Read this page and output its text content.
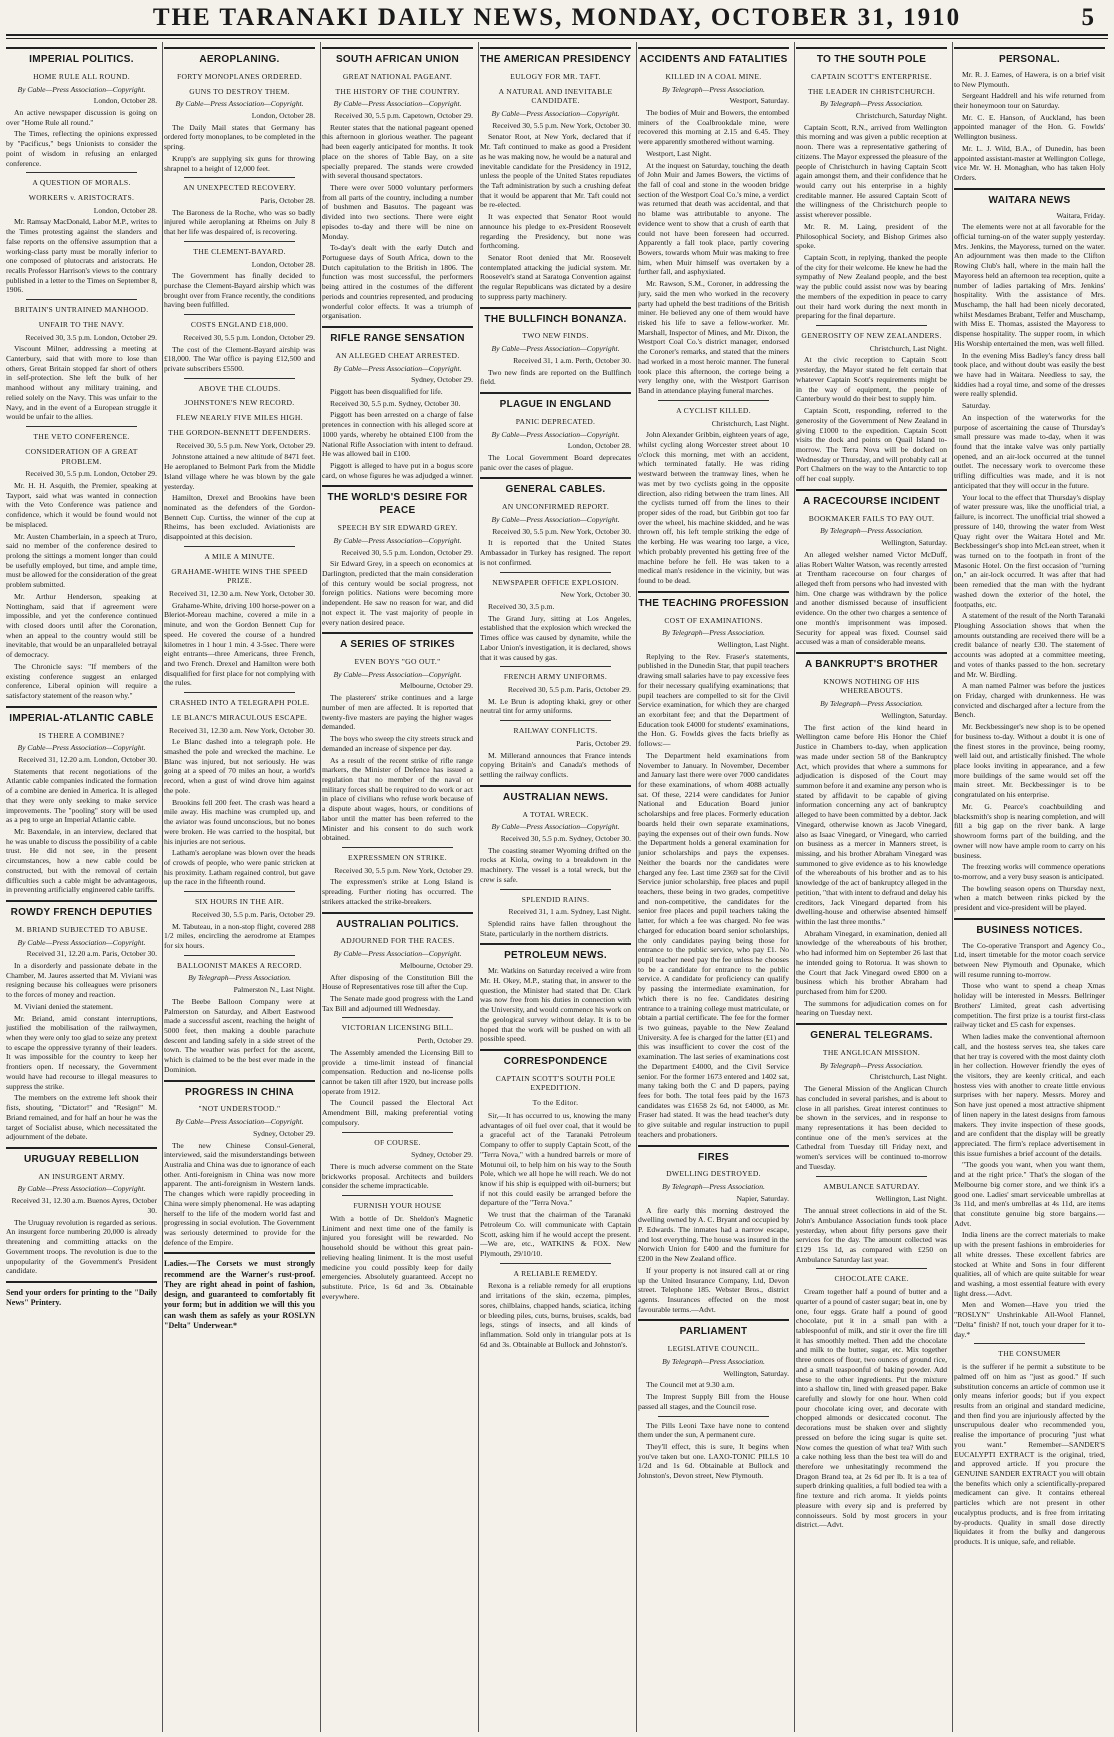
THE TARANAKI DAILY NEWS, MONDAY, OCTOBER 31, 1910	5
IMPERIAL POLITICS.
HOME RULE ALL ROUND.
By Cable—Press Association—Copyright.
London, October 28.

An active newspaper discussion is going on over "Home Rule all round."

The Times, reflecting the opinions expressed by "Pacificus," begs Unionists to consider the point of wisdom in refusing an enlarged conference.

A QUESTION OF MORALS.
WORKERS v. ARISTOCRATS.
London, October 28.

Mr. Ramsay MacDonald, Labor M.P., writes to the Times protesting against the slanders and false reports on the offensive assumption that a working-class party must be morally inferior to one composed of plutocrats and aristocrats. He recalls Professor Harrison's views to the contrary published in a letter to the Times on September 8, 1906.

BRITAIN'S UNTRAINED MANHOOD.
UNFAIR TO THE NAVY.
Received 30, 3.5 p.m. London, October 29.

Viscount Milner, addressing a meeting at Canterbury, said that with more to lose than others, Great Britain stopped far short of others in self-protection. She left the bulk of her manhood without any military training, and relied solely on the Navy. This was unfair to the Navy, and in the event of a European struggle it would be unfair to the allies.

THE VETO CONFERENCE.
CONSIDERATION OF A GREAT PROBLEM.
Received 30, 5.5 p.m. London, October 29.

Mr. H. H. Asquith, the Premier, speaking at Tayport, said what was wanted in connection with the Veto Conference was patience and confidence, which it would be found would not be misplaced.

Mr. Austen Chamberlain, in a speech at Truro, said no member of the conference desired to prolong the sittings a moment longer than could be usefully employed, but time, and ample time, must be allowed for the consideration of the great problem submitted.

Mr. Arthur Henderson, speaking at Nottingham, said that if agreement were impossible, and yet the conference continued with closed doors until after the Coronation, when an appeal to the country would still be inevitable, that would be an unparalleled betrayal of democracy.

The Chronicle says: "If members of the existing conference suggest an enlarged conference, Liberal opinion will require a satisfactory statement of the reason why."

IMPERIAL-ATLANTIC CABLE
IS THERE A COMBINE?
By Cable—Press Association—Copyright.
Received 31, 12.20 a.m. London, October 30.

Statements that recent negotiations of the Atlantic cable companies indicated the formation of a combine are denied in America. It is alleged that they were only seeking to make service improvements. The "pooling" story will be used as a peg to urge an Imperial Atlantic cable.

Mr. Baxendale, in an interview, declared that he was unable to discuss the possibility of a cable trust. He did not see, in the present circumstances, how a new cable could be constructed, but with the removal of certain difficulties such a cable might be advantageous, in preventing artificially engineered cable tariffs.

ROWDY FRENCH DEPUTIES
M. BRIAND SUBJECTED TO ABUSE.
By Cable—Press Association—Copyright.
Received 31, 12.20 a.m. Paris, October 30.

In a disorderly and passionate debate in the Chamber, M. Jaures asserted that M. Viviani was resigning because his colleagues were prisoners to the forces of money and reaction.

M. Viviani denied the statement.

Mr. Briand, amid constant interruptions, justified the mobilisation of the railwaymen, when they were only too glad to seize any pretext to escape the oppressive tyranny of their leaders. It was impossible for the country to keep her frontiers open. If necessary, the Government would have had recourse to illegal measures to suppress the strike.

The members on the extreme left shook their fists, shouting, "Dictator!" and "Resign!" M. Briand remained, and for half an hour he was the target of Socialist abuse, which necessitated the adjournment of the debate.

URUGUAY REBELLION
AN INSURGENT ARMY.
By Cable—Press Association—Copyright.
Received 31, 12.30 a.m. Buenos Ayres, October 30.

The Uruguay revolution is regarded as serious. An insurgent force numbering 20,000 is already threatening and committing attacks on the Government troops. The revolution is due to the unpopularity of the Government's President candidate.

Send your orders for printing to the "Daily News" Printery.
AEROPLANING.
FORTY MONOPLANES ORDERED.
GUNS TO DESTROY THEM.
By Cable—Press Association—Copyright.
London, October 28.

The Daily Mail states that Germany has ordered forty monoplanes, to be completed in the spring.

Krupp's are supplying six guns for throwing shrapnel to a height of 12,000 feet.

AN UNEXPECTED RECOVERY.
Paris, October 28.

The Baroness de la Roche, who was so badly injured while aeroplaning at Rheims on July 8 that her life was despaired of, is recovering.

THE CLEMENT-BAYARD.
London, October 28.

The Government has finally decided to purchase the Clement-Bayard airship which was brought over from France recently, the conditions having been fulfilled.

COSTS ENGLAND £18,000.
Received 30, 5.5 p.m. London, October 29.

The cost of the Clement-Bayard airship was £18,000. The War office is paying £12,500 and private subscribers £5500.

ABOVE THE CLOUDS.
JOHNSTONE'S NEW RECORD.
FLEW NEARLY FIVE MILES HIGH.
THE GORDON-BENNETT DEFENDERS.
Received 30, 5.5 p.m. New York, October 29.

Johnstone attained a new altitude of 8471 feet. He aeroplaned to Belmont Park from the Middle Island village where he was blown by the gale yesterday.

Hamilton, Drexel and Brookins have been nominated as the defenders of the Gordon-Bennett Cup. Curtiss, the winner of the cup at Rheims, has been excluded. Aviationists are disappointed at this decision.

A MILE A MINUTE.
GRAHAME-WHITE WINS THE SPEED PRIZE.
Received 31, 12.30 a.m. New York, October 30.

Grahame-White, driving 100 horse-power on a Bleriot-Moreau machine, covered a mile in a minute, and won the Gordon Bennett Cup for speed. He covered the course of a hundred kilometres in 1 hour 1 min. 4 3-5sec. There were eight entrants—three Americans, three French, and two French. Drexel and Hamilton were both disqualified for first place for not complying with the rules.

CRASHED INTO A TELEGRAPH POLE.
LE BLANC'S MIRACULOUS ESCAPE.
Received 31, 12.30 a.m. New York, October 30.

Le Blanc dashed into a telegraph pole. He smashed the pole and wrecked the machine. Le Blanc was injured, but not seriously. He was going at a speed of 70 miles an hour, a world's record, when a gust of wind drove him against the pole.

Brookins fell 200 feet. The crash was heard a mile away. His machine was crumpled up, and the aviator was found unconscious, but no bones were broken. He was carried to the hospital, but his injuries are not serious.

Latham's aeroplane was blown over the heads of crowds of people, who were panic stricken at his proximity. Latham regained control, but gave up the race in the fifteenth round.

SIX HOURS IN THE AIR.
Received 30, 5.5 p.m. Paris, October 29.

M. Tabuteau, in a non-stop flight, covered 288 1/2 miles, encircling the aerodrome at Etampes for six hours.

BALLOONIST MAKES A RECORD.
By Telegraph—Press Association.
Palmerston N., Last Night.

The Beebe Balloon Company were at Palmerston on Saturday, and Albert Eastwood made a successful ascent, reaching the height of 5000 feet, then making a double parachute descent and landing safely in a side street of the town. The weather was perfect for the ascent, which is claimed to be the best ever made in the Dominion.

PROGRESS IN CHINA
"NOT UNDERSTOOD."
By Cable—Press Association—Copyright.
Sydney, October 29.

The new Chinese Consul-General, interviewed, said the misunderstandings between Australia and China was due to ignorance of each other. Anti-foreignism in China was now more apparent. The anti-foreignism in Western lands. The changes which were rapidly proceeding in China were simply phenomenal. He was adapting herself to the life of the modern world fast and progressing in social evolution. The Government was seriously determined to provide for the defence of the Empire.

Ladies.—The Corsets we must strongly recommend are the Warner's rust-proof. They are right ahead in point of fashion, design, and guaranteed to comfortably fit your form; but in addition we will this you can wash them as safely as your ROSLYN "Delta" Underwear.*
SOUTH AFRICAN UNION
GREAT NATIONAL PAGEANT.
THE HISTORY OF THE COUNTRY.
By Cable—Press Association—Copyright.
Received 30, 5.5 p.m. Capetown, October 29.

Reuter states that the national pageant opened this afternoon in glorious weather. The pageant had been eagerly anticipated for months. It took place on the shores of Table Bay, on a site specially prepared. The stands were crowded with several thousand spectators.

There were over 5000 voluntary performers from all parts of the country, including a number of bushmen and Basutos. The pageant was divided into two sections. There were eight episodes to-day and there will be nine on Monday.

To-day's dealt with the early Dutch and Portuguese days of South Africa, down to the Dutch capitulation to the British in 1806. The function was most successful, the performers being attired in the costumes of the different periods and countries represented, and producing wonderful color effects. It was a triumph of organisation.

RIFLE RANGE SENSATION
AN ALLEGED CHEAT ARRESTED.
By Cable—Press Association—Copyright.
Sydney, October 29.

Piggott has been disqualified for life.

Received 30, 5.5 p.m. Sydney, October 30.

Piggott has been arrested on a charge of false pretences in connection with his alleged score at 1000 yards, whereby he obtained £100 from the National Rifle Association with intent to defraud. He was allowed bail in £100.

Piggott is alleged to have put in a bogus score card, on whose figures he was adjudged a winner.

THE WORLD'S DESIRE FOR PEACE
SPEECH BY SIR EDWARD GREY.
By Cable—Press Association—Copyright.
Received 30, 5.5 p.m. London, October 29.

Sir Edward Grey, in a speech on economics at Darlington, predicted that the main consideration of this century would be social progress, not foreign politics. Nations were becoming more independent. He saw no reason for war, and did not expect it. The vast majority of people in every nation desired peace.

A SERIES OF STRIKES
EVEN BOYS "GO OUT."
By Cable—Press Association—Copyright.
Melbourne, October 29.

The plasterers' strike continues and a large number of men are affected. It is reported that twenty-five masters are paying the higher wages demanded.

The boys who sweep the city streets struck and demanded an increase of sixpence per day.

As a result of the recent strike of rifle range markers, the Minister of Defence has issued a regulation that no member of the naval or military forces shall be required to do work or act in place of civilians who refuse work because of a dispute about wages, hours, or conditions of labor until the matter has been referred to the Minister and his consent to do such work obtained.

EXPRESSMEN ON STRIKE.
Received 30, 5.5 p.m. New York, October 29.

The expressmen's strike at Long Island is spreading. Further rioting has occurred. The strikers attacked the strike-breakers.

AUSTRALIAN POLITICS.
ADJOURNED FOR THE RACES.
By Cable—Press Association—Copyright.
Melbourne, October 29.

After disposing of the Constitution Bill the House of Representatives rose till after the Cup.

The Senate made good progress with the Land Tax Bill and adjourned till Wednesday.

VICTORIAN LICENSING BILL.
Perth, October 29.

The Assembly amended the Licensing Bill to provide a time-limit instead of financial compensation. Reduction and no-license polls cannot be taken till after 1920, but increase polls operate from 1912.

The Council passed the Electoral Act Amendment Bill, making preferential voting compulsory.

OF COURSE.
Sydney, October 29.

There is much adverse comment on the State brickworks proposal. Architects and builders consider the scheme impracticable.

FURNISH YOUR HOUSE

With a bottle of Dr. Sheldon's Magnetic Liniment and next time one of the family is injured you foresight will be rewarded. No household should be without this great pain-relieving healing liniment. It is the most useful medicine you could possibly keep for daily emergencies. Absolutely guaranteed. Accept no substitute. Price, 1s 6d and 3s. Obtainable everywhere.

THE AMERICAN PRESIDENCY
EULOGY FOR MR. TAFT.
A NATURAL AND INEVITABLE CANDIDATE.
By Cable—Press Association—Copyright.
Received 30, 5.5 p.m. New York, October 30.

Senator Root, at New York, declared that if Mr. Taft continued to make as good a President as he was making now, he would be a natural and inevitable candidate for the Presidency in 1912, unless the people of the United States repudiates the Taft administration by such a crushing defeat that it would be apparent that Mr. Taft could not be re-elected.

It was expected that Senator Root would announce his pledge to ex-President Roosevelt regarding the Presidency, but none was forthcoming.

Senator Root denied that Mr. Roosevelt contemplated attacking the judicial system. Mr. Roosevelt's stand at Saratoga Convention against the regular Republicans was dictated by a desire to suppress party machinery.

THE BULLFINCH BONANZA.
TWO NEW FINDS.
By Cable—Press Association—Copyright.
Received 31, 1 a.m. Perth, October 30.

Two new finds are reported on the Bullfinch field.

PLAGUE IN ENGLAND
PANIC DEPRECATED.
By Cable—Press Association—Copyright.
London, October 28.

The Local Government Board deprecates panic over the cases of plague.

GENERAL CABLES.
AN UNCONFIRMED REPORT.
By Cable—Press Association—Copyright.
Received 30, 5.5 p.m. New York, October 30.

It is reported that the United States Ambassador in Turkey has resigned. The report is not confirmed.

NEWSPAPER OFFICE EXPLOSION.
New York, October 30.

Received 30, 3.5 p.m.

The Grand Jury, sitting at Los Angeles, established that the explosion which wrecked the Times office was caused by dynamite, while the Labor Union's investigation, it is declared, shows that it was caused by gas.

FRENCH ARMY UNIFORMS.
Received 30, 5.5 p.m. Paris, October 29.

M. Le Brun is adopting khaki, grey or other neutral tint for army uniforms.

RAILWAY CONFLICTS.
Paris, October 29.

M. Millerand announces that France intends copying Britain's and Canada's methods of settling the railway conflicts.

AUSTRALIAN NEWS.
A TOTAL WRECK.
By Cable—Press Association—Copyright.
Received 30, 5.5 p.m. Sydney, October 30.

The coasting steamer Wyoming drifted on the rocks at Kiola, owing to a breakdown in the machinery. The vessel is a total wreck, but the crew is safe.

SPLENDID RAINS.
Received 31, 1 a.m. Sydney, Last Night.

Splendid rains have fallen throughout the State, particularly in the northern districts.

PETROLEUM NEWS.

Mr. Watkins on Saturday received a wire from Mr. H. Okey, M.P., stating that, in answer to the question, the Minister had stated that Dr. Clark was now free from his duties in connection with the University, and would commence his work on the geological survey without delay. It is to be hoped that the work will be pushed on with all possible speed.

CORRESPONDENCE
CAPTAIN SCOTT'S SOUTH POLE EXPEDITION.
To the Editor.

Sir,—It has occurred to us, knowing the many advantages of oil fuel over coal, that it would be a graceful act of the Taranaki Petroleum Company to offer to supply Captain Scott, of the "Terra Nova," with a hundred barrels or more of Motunui oil, to help him on his way to the South Pole, which we all hope he will reach. We do not know if his ship is equipped with oil-burners; but if not this could easily be arranged before the departure of the "Terra Nova."

We trust that the chairman of the Taranaki Petroleum Co. will communicate with Captain Scott, asking him if he would accept the present.—We are, etc., WATKINS & FOX. New Plymouth, 29/10/10.

A RELIABLE REMEDY.

Rexona is a reliable remedy for all eruptions and irritations of the skin, eczema, pimples, sores, chilblains, chapped hands, sciatica, itching or bleeding piles, cuts, burns, bruises, scalds, bad legs, stings of insects, and all kinds of inflammation. Sold only in triangular pots at 1s 6d and 3s. Obtainable at Bullock and Johnston's.

ACCIDENTS AND FATALITIES
KILLED IN A COAL MINE.
By Telegraph—Press Association.
Westport, Saturday.

The bodies of Muir and Bowers, the entombed miners of the Coalbrookdale mine, were recovered this morning at 2.15 and 6.45. They were apparently smothered without warning.

Westport, Last Night.

At the inquest on Saturday, touching the death of John Muir and James Bowers, the victims of the fall of coal and stone in the wooden bridge section of the Westport Coal Co.'s mine, a verdict was returned that death was accidental, and that no blame was attributable to anyone. The evidence went to show that a crush of earth that could not have been foreseen had occurred. Apparently a fall took place, partly covering Bowers, towards whom Muir was making to free him, when Muir himself was overtaken by a further fall, and asphyxiated.

Mr. Rawson, S.M., Coroner, in addressing the jury, said the men who worked in the recovery party had upheld the best traditions of the British miner. He believed any one of them would have risked his life to save a fellow-worker. Mr. Marshall, Inspector of Mines, and Mr. Dixon, the Westport Coal Co.'s district manager, endorsed the Coroner's remarks, and stated that the miners had worked in a most heroic manner. The funeral took place this afternoon, the cortege being a very lengthy one, with the Westport Garrison Band in attendance playing funeral marches.

A CYCLIST KILLED.
Christchurch, Last Night.

John Alexander Gribbin, eighteen years of age, whilst cycling along Worcester street about 10 o'clock this morning, met with an accident, which terminated fatally. He was riding westward between the tramway lines, when he was met by two cyclists going in the opposite direction, also riding between the tram lines. All the cyclists turned off from the lines to their proper sides of the road, but Gribbin got too far over the wheel, his machine skidded, and he was thrown off, his left temple striking the edge of the kerbing. He was wearing too large, a vice, which probably prevented his getting free of the machine before he fell. He was taken to a medical man's residence in the vicinity, but was found to be dead.

THE TEACHING PROFESSION
COST OF EXAMINATIONS.
By Telegraph—Press Association.
Wellington, Last Night.

Replying to the Rev. Fraser's statements, published in the Dunedin Star, that pupil teachers drawing small salaries have to pay excessive fees for their necessary qualifying examinations; that pupil teachers are compelled to sit for the Civil Service examination, for which they are charged an exorbitant fee; and that the Department of Education took £4000 for students' examinations, the Hon. G. Fowlds gives the facts briefly as follows:—

The Department held examinations from November to January. In November, December and January last there were over 7000 candidates for these examinations, of whom 4088 actually sat. Of these, 2214 were candidates for Junior National and Education Board junior scholarships and free places. Formerly education boards held their own separate examinations, paying the expenses out of their own funds. Now the Department holds a general examination for junior scholarships and pays the expenses. Neither the boards nor the candidates were charged any fee. Last time 2369 sat for the Civil Service junior scholarship, free places and pupil teachers, these being in two grades, competitive and non-competitive, the candidates for the senior free places and pupil teachers taking the latter, for which a fee was charged. No fee was charged for education board senior scholarships, the only candidates paying being those for entrance to the public service, who pay £1. No pupil teacher need pay the fee unless he chooses to be a candidate for entrance to the public service. A candidate for proficiency can qualify by passing the intermediate examination, for which there is no fee. Candidates desiring entrance to a training college must matriculate, or obtain a partial certificate. The fee for the former is two guineas, payable to the New Zealand University. A fee is charged for the latter (£1) and this was insufficient to cover the cost of the examination. The last series of examinations cost the Department £4000, and the Civil Service senior. For the former 1673 entered and 1402 sat, many taking both the C and D papers, paying fees for both. The total fees paid by the 1673 candidates was £1658 2s 6d, not £4000, as Mr. Fraser had stated. It was the head teacher's duty to give suitable and regular instruction to pupil teachers and probationers.

FIRES
DWELLING DESTROYED.
By Telegraph—Press Association.
Napier, Saturday.

A fire early this morning destroyed the dwelling owned by A. C. Bryant and occupied by P. Edwards. The inmates had a narrow escape, and lost everything. The house was insured in the Norwich Union for £400 and the furniture for £200 in the New Zealand office.

If your property is not insured call at or ring up the United Insurance Company, Ltd, Devon street. Telephone 185. Webster Bros., district agents. Insurances effected on the most favourable terms.—Advt.

PARLIAMENT
LEGISLATIVE COUNCIL.
By Telegraph—Press Association.
Wellington, Saturday.

The Council met at 9.30 a.m.

The Imprest Supply Bill from the House passed all stages, and the Council rose.

The Pills Leoni Taxe have none to contend them under the sun, A permanent cure.

They'll effect, this is sure, It begins when you've taken but one. LAXO-TONIC PILLS 10 1/2d and 1s 6d. Obtainable at Bullock and Johnston's, Devon street, New Plymouth.

TO THE SOUTH POLE
CAPTAIN SCOTT'S ENTERPRISE.
THE LEADER IN CHRISTCHURCH.
By Telegraph—Press Association.
Christchurch, Saturday Night.

Captain Scott, R.N., arrived from Wellington this morning and was given a public reception at noon. There was a representative gathering of citizens. The Mayor expressed the pleasure of the people of Christchurch in having Captain Scott again amongst them, and their confidence that he would carry out his enterprise in a highly creditable manner. He assured Captain Scott of the willingness of the Christchurch people to assist wherever possible.

Mr. R. M. Laing, president of the Philosophical Society, and Bishop Grimes also spoke.

Captain Scott, in replying, thanked the people of the city for their welcome. He knew he had the sympathy of New Zealand people, and the best way the public could assist now was by bearing the members of the expedition in peace to carry out their hard work during the next month in preparing for the final departure.

GENEROSITY OF NEW ZEALANDERS.
Christchurch, Last Night.

At the civic reception to Captain Scott yesterday, the Mayor stated he felt certain that whatever Captain Scott's requirements might be in the way of equipment, the people of Canterbury would do their best to supply him.

Captain Scott, responding, referred to the generosity of the Government of New Zealand in giving £1000 to the expedition. Captain Scott visits the dock and points on Quail Island to-morrow. The Terra Nova will be docked on Wednesday or Thursday, and will probably call at Port Chalmers on the way to the Antarctic to top off her coal supply.

A RACECOURSE INCIDENT
BOOKMAKER FAILS TO PAY OUT.
By Telegraph—Press Association.
Wellington, Saturday.

An alleged welsher named Victor McDuff, alias Robert Walter Watson, was recently arrested at Trentham racecourse on four charges of alleged theft from persons who had invested with him. One charge was withdrawn by the police and another dismissed because of insufficient evidence. On the other two charges a sentence of one month's imprisonment was imposed. Security for appeal was fixed. Counsel said accused was a man of considerable means.

A BANKRUPT'S BROTHER
KNOWS NOTHING OF HIS WHEREABOUTS.
By Telegraph—Press Association.
Wellington, Saturday.

The first action of the kind heard in Wellington came before His Honor the Chief Justice in Chambers to-day, when application was made under section 58 of the Bankruptcy Act, which provides that where a summons for adjudication is disposed of the Court may summon before it and examine any person who is stated by affidavit to be capable of giving information concerning any act of bankruptcy alleged to have been committed by a debtor. Jack Vinegard, otherwise known as Jacob Vinegard, also as Isaac Vinegard, or Vinegard, who carried on business as a mercer in Manners street, is missing, and his brother Abraham Vinegard was summoned to give evidence as to his knowledge of the whereabouts of his brother and as to his knowledge of the act of bankruptcy alleged in the petition, "that with intent to defraud and delay his creditors, Jack Vinegard departed from his dwelling-house and otherwise absented himself within the last three months."

Abraham Vinegard, in examination, denied all knowledge of the whereabouts of his brother, who had informed him on September 26 last that he intended going to Rotorua. It was shown to the Court that Jack Vinegard owed £800 on a business which his brother Abraham had purchased from him for £200.

The summons for adjudication comes on for hearing on Tuesday next.

GENERAL TELEGRAMS.
THE ANGLICAN MISSION.
By Telegraph—Press Association.
Christchurch, Last Night.

The General Mission of the Anglican Church has concluded in several parishes, and is about to close in all parishes. Great interest continues to be shown in the services, and in response to many representations it has been decided to continue one of the men's services at the Cathedral from Tuesday till Friday next, and women's services will be continued to-morrow and Tuesday.

AMBULANCE SATURDAY.
Wellington, Last Night.

The annual street collections in aid of the St. John's Ambulance Association funds took place yesterday, when about fifty persons gave their services for the day. The amount collected was £129 15s 1d, as compared with £250 on Ambulance Saturday last year.

CHOCOLATE CAKE.

Cream together half a pound of butter and a quarter of a pound of caster sugar; beat in, one by one, four eggs. Grate half a pound of good chocolate, put it in a small pan with a tablespoonful of milk, and stir it over the fire till it has smoothly melted. Then add the chocolate and milk to the butter, sugar, etc. Mix together three ounces of flour, two ounces of ground rice, and a small teaspoonful of baking powder. Add these to the other ingredients. Put the mixture into a shallow tin, lined with greased paper. Bake carefully and slowly for one hour. When cold pour chocolate icing over, and decorate with chopped almonds or desiccated coconut. The decorations must be shaken over and slightly pressed on before the icing sugar is quite set. Now comes the question of what tea? With such a cake nothing less than the best tea will do and therefore we unhesitatingly recommend the Dragon Brand tea, at 2s 6d per lb. It is a tea of superb drinking qualities, a full bodied tea with a fine texture and rich aroma. It yields points pleasure with every sip and is preferred by connoisseurs. Sold by most grocers in your district.—Advt.

PERSONAL.

Mr. R. J. Eames, of Hawera, is on a brief visit to New Plymouth.

Sergeant Haddrell and his wife returned from their honeymoon tour on Saturday.

Mr. C. E. Hanson, of Auckland, has been appointed manager of the Hon. G. Fowlds' Wellington business.

Mr. L. J. Wild, B.A., of Dunedin, has been appointed assistant-master at Wellington College, vice Mr. W. H. Monaghan, who has taken Holy Orders.

WAITARA NEWS
Waitara, Friday.

The elements were not at all favorable for the official turning-on of the water supply yesterday. Mrs. Jenkins, the Mayoress, turned on the water. An adjournment was then made to the Clifton Rowing Club's hall, where in the main hall the Mayoress held an afternoon tea reception, quite a number of ladies partaking of Mrs. Jenkins' hospitality. With the assistance of Mrs. Muschamp, the hall had been nicely decorated, whilst Mesdames Brabant, Telfer and Muschamp, with Miss E. Thomas, assisted the Mayoress to dispense hospitality. The supper room, in which His Worship entertained the men, was well filled.

In the evening Miss Badley's fancy dress ball took place, and without doubt was easily the best we have had in Waitara. Needless to say, the kiddies had a royal time, and some of the dresses were really splendid.

Saturday.

An inspection of the waterworks for the purpose of ascertaining the cause of Thursday's small pressure was made to-day, when it was found that the intake valve was only partially opened, and an air-lock occurred at the tunnel outlet. The necessary work to overcome these trifling difficulties was made, and it is not anticipated that they will occur in the future.

Your local to the effect that Thursday's display of water pressure was, like the unofficial trial, a failure, is incorrect. The unofficial trial showed a pressure of 140, throwing the water from West Quay right over the Waitara Hotel and Mr. Beckbessinger's shop into McLean street, when it was turned on to the footpath in front of the Masonic Hotel. On the first occasion of "turning on," an air-lock occurred. It was after that had been remedied that the man with the hydrant washed down the exterior of the hotel, the footpaths, etc.

A statement of the result of the North Taranaki Ploughing Association shows that when the amounts outstanding are received there will be a credit balance of nearly £30. The statement of accounts was adopted at a committee meeting, and votes of thanks passed to the hon. secretary and Mr. W. Birdling.

A man named Palmer was before the justices on Friday, charged with drunkenness. He was convicted and discharged after a lecture from the Bench.

Mr. Beckbessinger's new shop is to be opened for business to-day. Without a doubt it is one of the finest stores in the province, being roomy, well laid out, and artistically finished. The whole place looks inviting in appearance, and a few more buildings of the same would set off the main street. Mr. Beckbessinger is to be congratulated on his enterprise.

Mr. G. Pearce's coachbuilding and blacksmith's shop is nearing completion, and will fill a big gap on the river bank. A large showroom forms part of the building, and the owner will now have ample room to carry on his business.

The freezing works will commence operations to-morrow, and a very busy season is anticipated.

The bowling season opens on Thursday next, when a match between rinks picked by the president and vice-president will be played.

BUSINESS NOTICES.

The Co-operative Transport and Agency Co., Ltd, insert timetable for the motor coach service between New Plymouth and Opunake, which will resume running to-morrow.

Those who want to spend a cheap Xmas holiday will be interested in Messrs. Bellringer Brothers' Limited, great cash advertising competition. The first prize is a tourist first-class railway ticket and £5 cash for expenses.

When ladies make the conventional afternoon call, and the hostess serves tea, she takes care that her tray is covered with the most dainty cloth in her collection. However friendly the eyes of the visitors, they are keenly critical, and each hostess vies with another to create little envious surprises with her napery. Messrs. Morey and Son have just opened a most attractive shipment of linen napery in the latest designs from famous makers. They invite inspection of these goods, and are confident that the display will be greatly appreciated. The firm's replace advertisement in this issue furnishes a brief account of the details.

"The goods you want, when you want them, and at the right price." That's the slogan of the Melbourne big corner store, and we think it's a good one. Ladies' smart serviceable umbrellas at 3s 11d, and men's umbrellas at 4s 11d, are items that constitute genuine big store bargains.—Advt.

India linens are the correct materials to make up with the present fashions in embroideries for all white dresses. These excellent fabrics are stocked at White and Sons in four different qualities, all of which are quite suitable for wear and washing, a most essential feature with every light dress.—Advt.

Men and Women—Have you tried the "ROSLYN" Unshrinkable All-Wool Flannel, "Delta" finish? If not, touch your draper for it to-day.*

THE CONSUMER

is the sufferer if he permit a substitute to be palmed off on him as "just as good." If such substitution concerns an article of common use it only means inferior goods; but if you expect results from an original and standard medicine, and then find you are injuriously affected by the unscrupulous dealer who recommended you, realise the importance of procuring "just what you want." Remember—SANDER'S EUCALYPTI EXTRACT is the original, tried, and approved article. If you procure the GENUINE SANDER EXTRACT you will obtain the benefits which only a scientifically-prepared medicament can give. It contains ethereal particles which are not present in other eucalyptus products, and is free from irritating by-products. Quality in small dose directly liquidates it from the bulky and dangerous products. It is unique, safe, and reliable.
